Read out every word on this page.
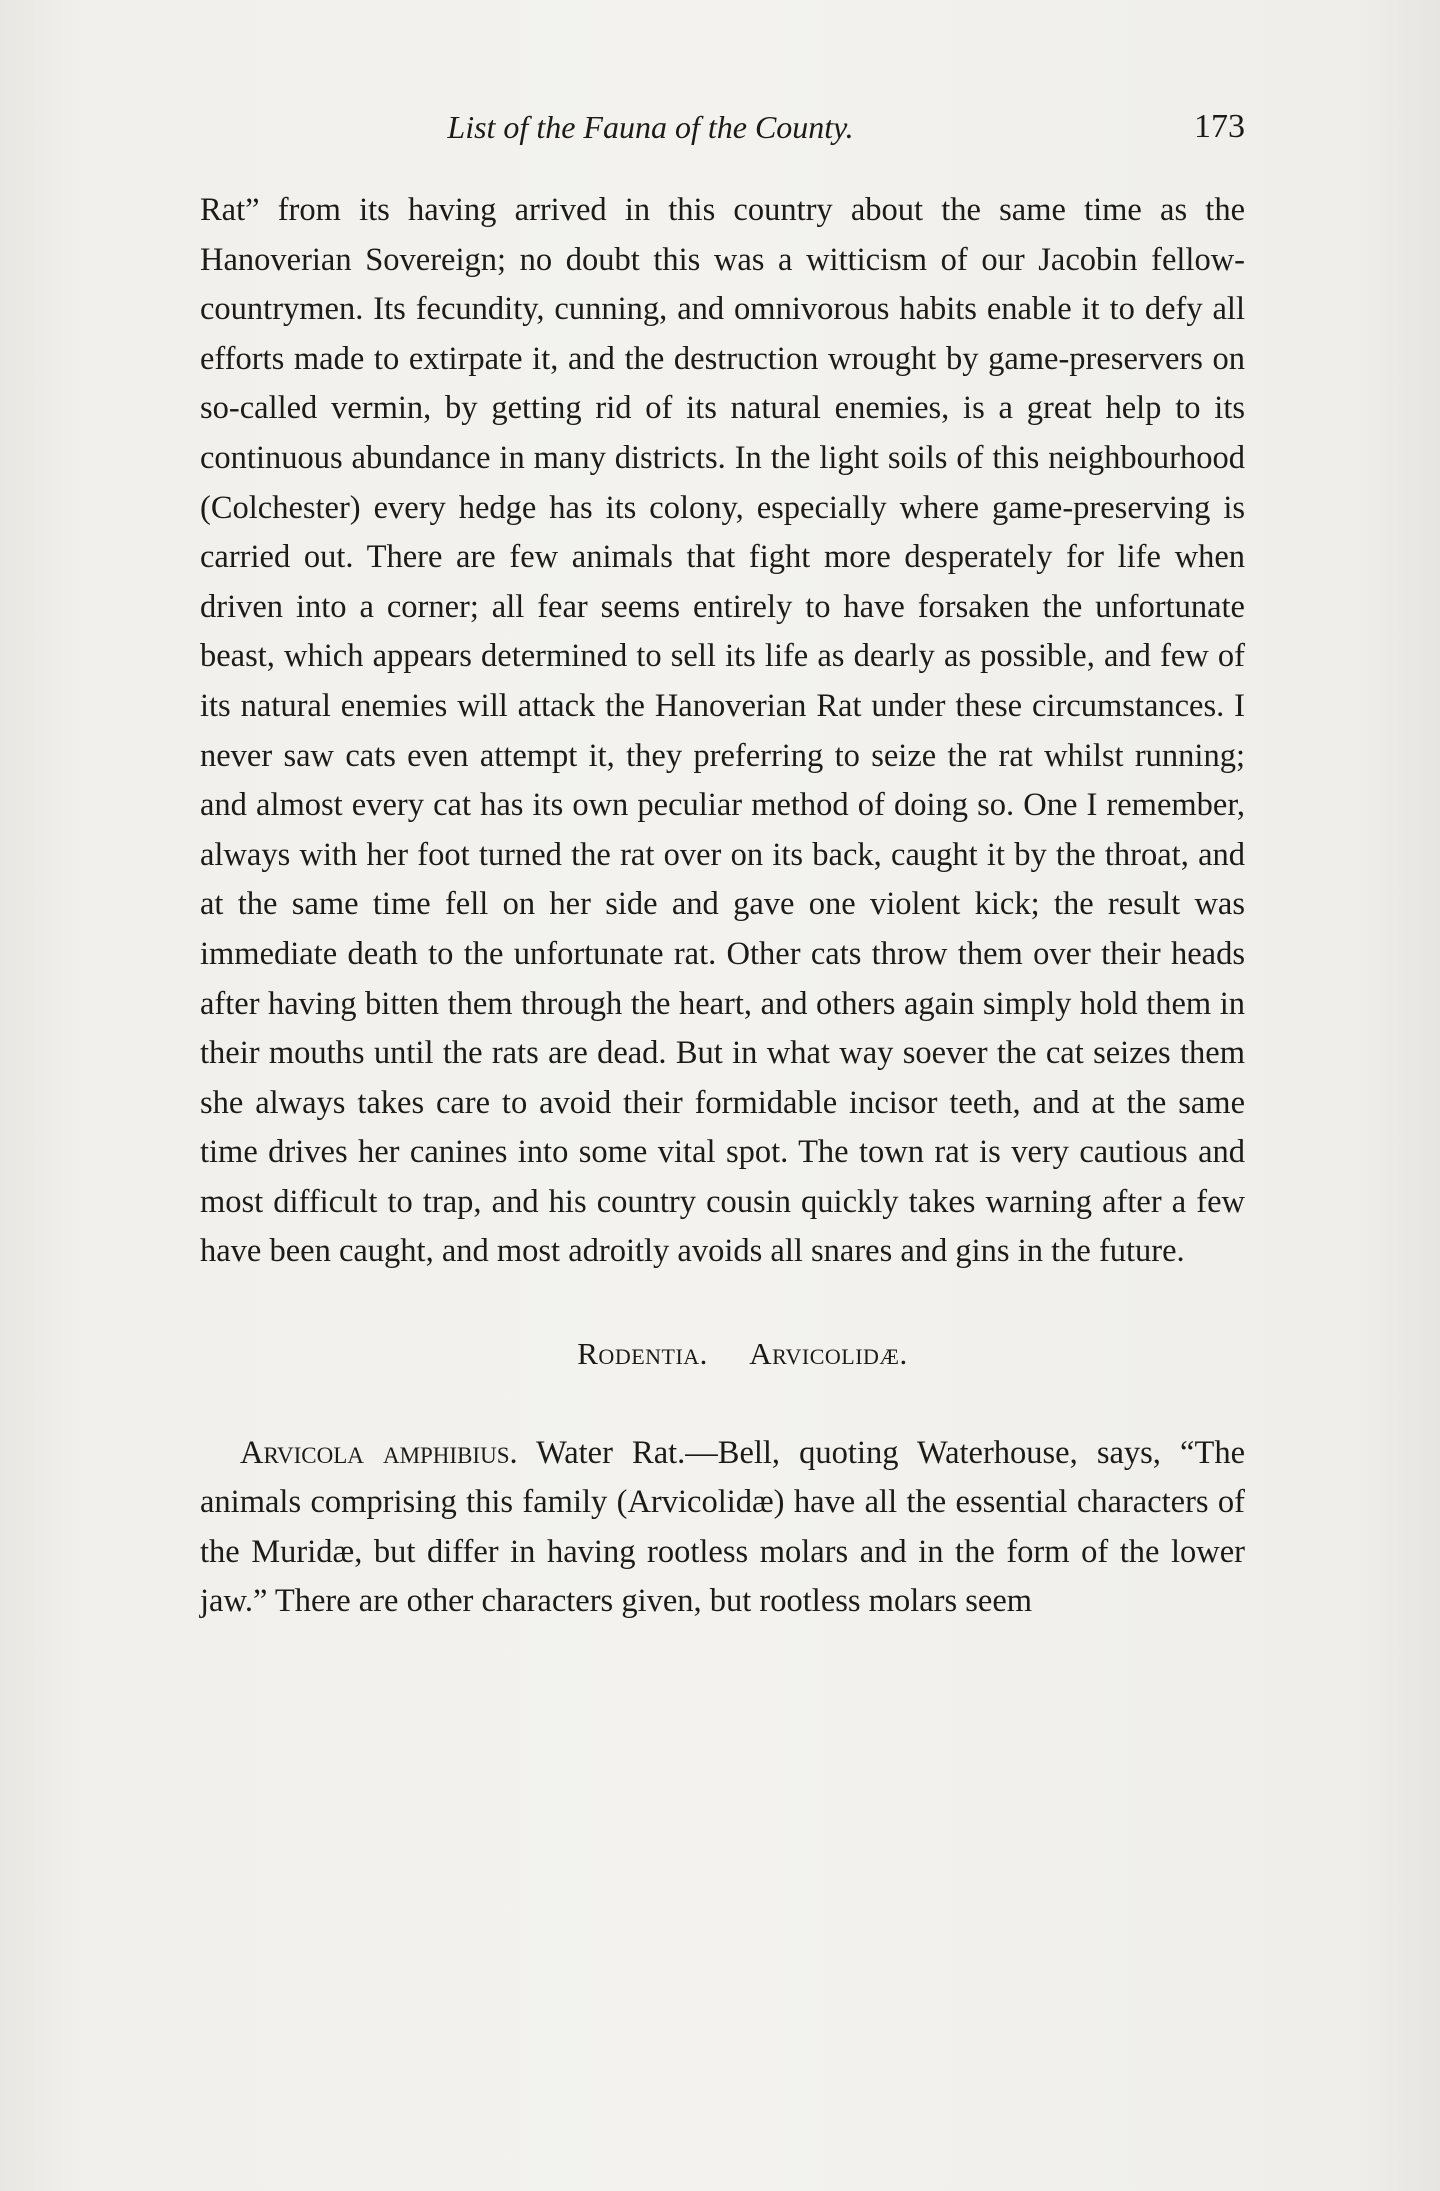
List of the Fauna of the County.	173

Rat” from its having arrived in this country about the same time as the Hanoverian Sovereign; no doubt this was a witticism of our Jacobin fellow-countrymen. Its fecundity, cunning, and omnivorous habits enable it to defy all efforts made to extirpate it, and the destruction wrought by game-preservers on so-called vermin, by getting rid of its natural enemies, is a great help to its continuous abundance in many districts. In the light soils of this neighbourhood (Colchester) every hedge has its colony, especially where game-preserving is carried out. There are few animals that fight more desperately for life when driven into a corner; all fear seems entirely to have forsaken the unfortunate beast, which appears determined to sell its life as dearly as possible, and few of its natural enemies will attack the Hanoverian Rat under these circumstances. I never saw cats even attempt it, they preferring to seize the rat whilst running; and almost every cat has its own peculiar method of doing so. One I remember, always with her foot turned the rat over on its back, caught it by the throat, and at the same time fell on her side and gave one violent kick; the result was immediate death to the unfortunate rat. Other cats throw them over their heads after having bitten them through the heart, and others again simply hold them in their mouths until the rats are dead. But in what way soever the cat seizes them she always takes care to avoid their formidable incisor teeth, and at the same time drives her canines into some vital spot. The town rat is very cautious and most difficult to trap, and his country cousin quickly takes warning after a few have been caught, and most adroitly avoids all snares and gins in the future.

Rodentia. Arvicolidæ.

Arvicola amphibius. Water Rat.—Bell, quoting Waterhouse, says, “The animals comprising this family (Arvicolidæ) have all the essential characters of the Muridæ, but differ in having rootless molars and in the form of the lower jaw.” There are other characters given, but rootless molars seem
